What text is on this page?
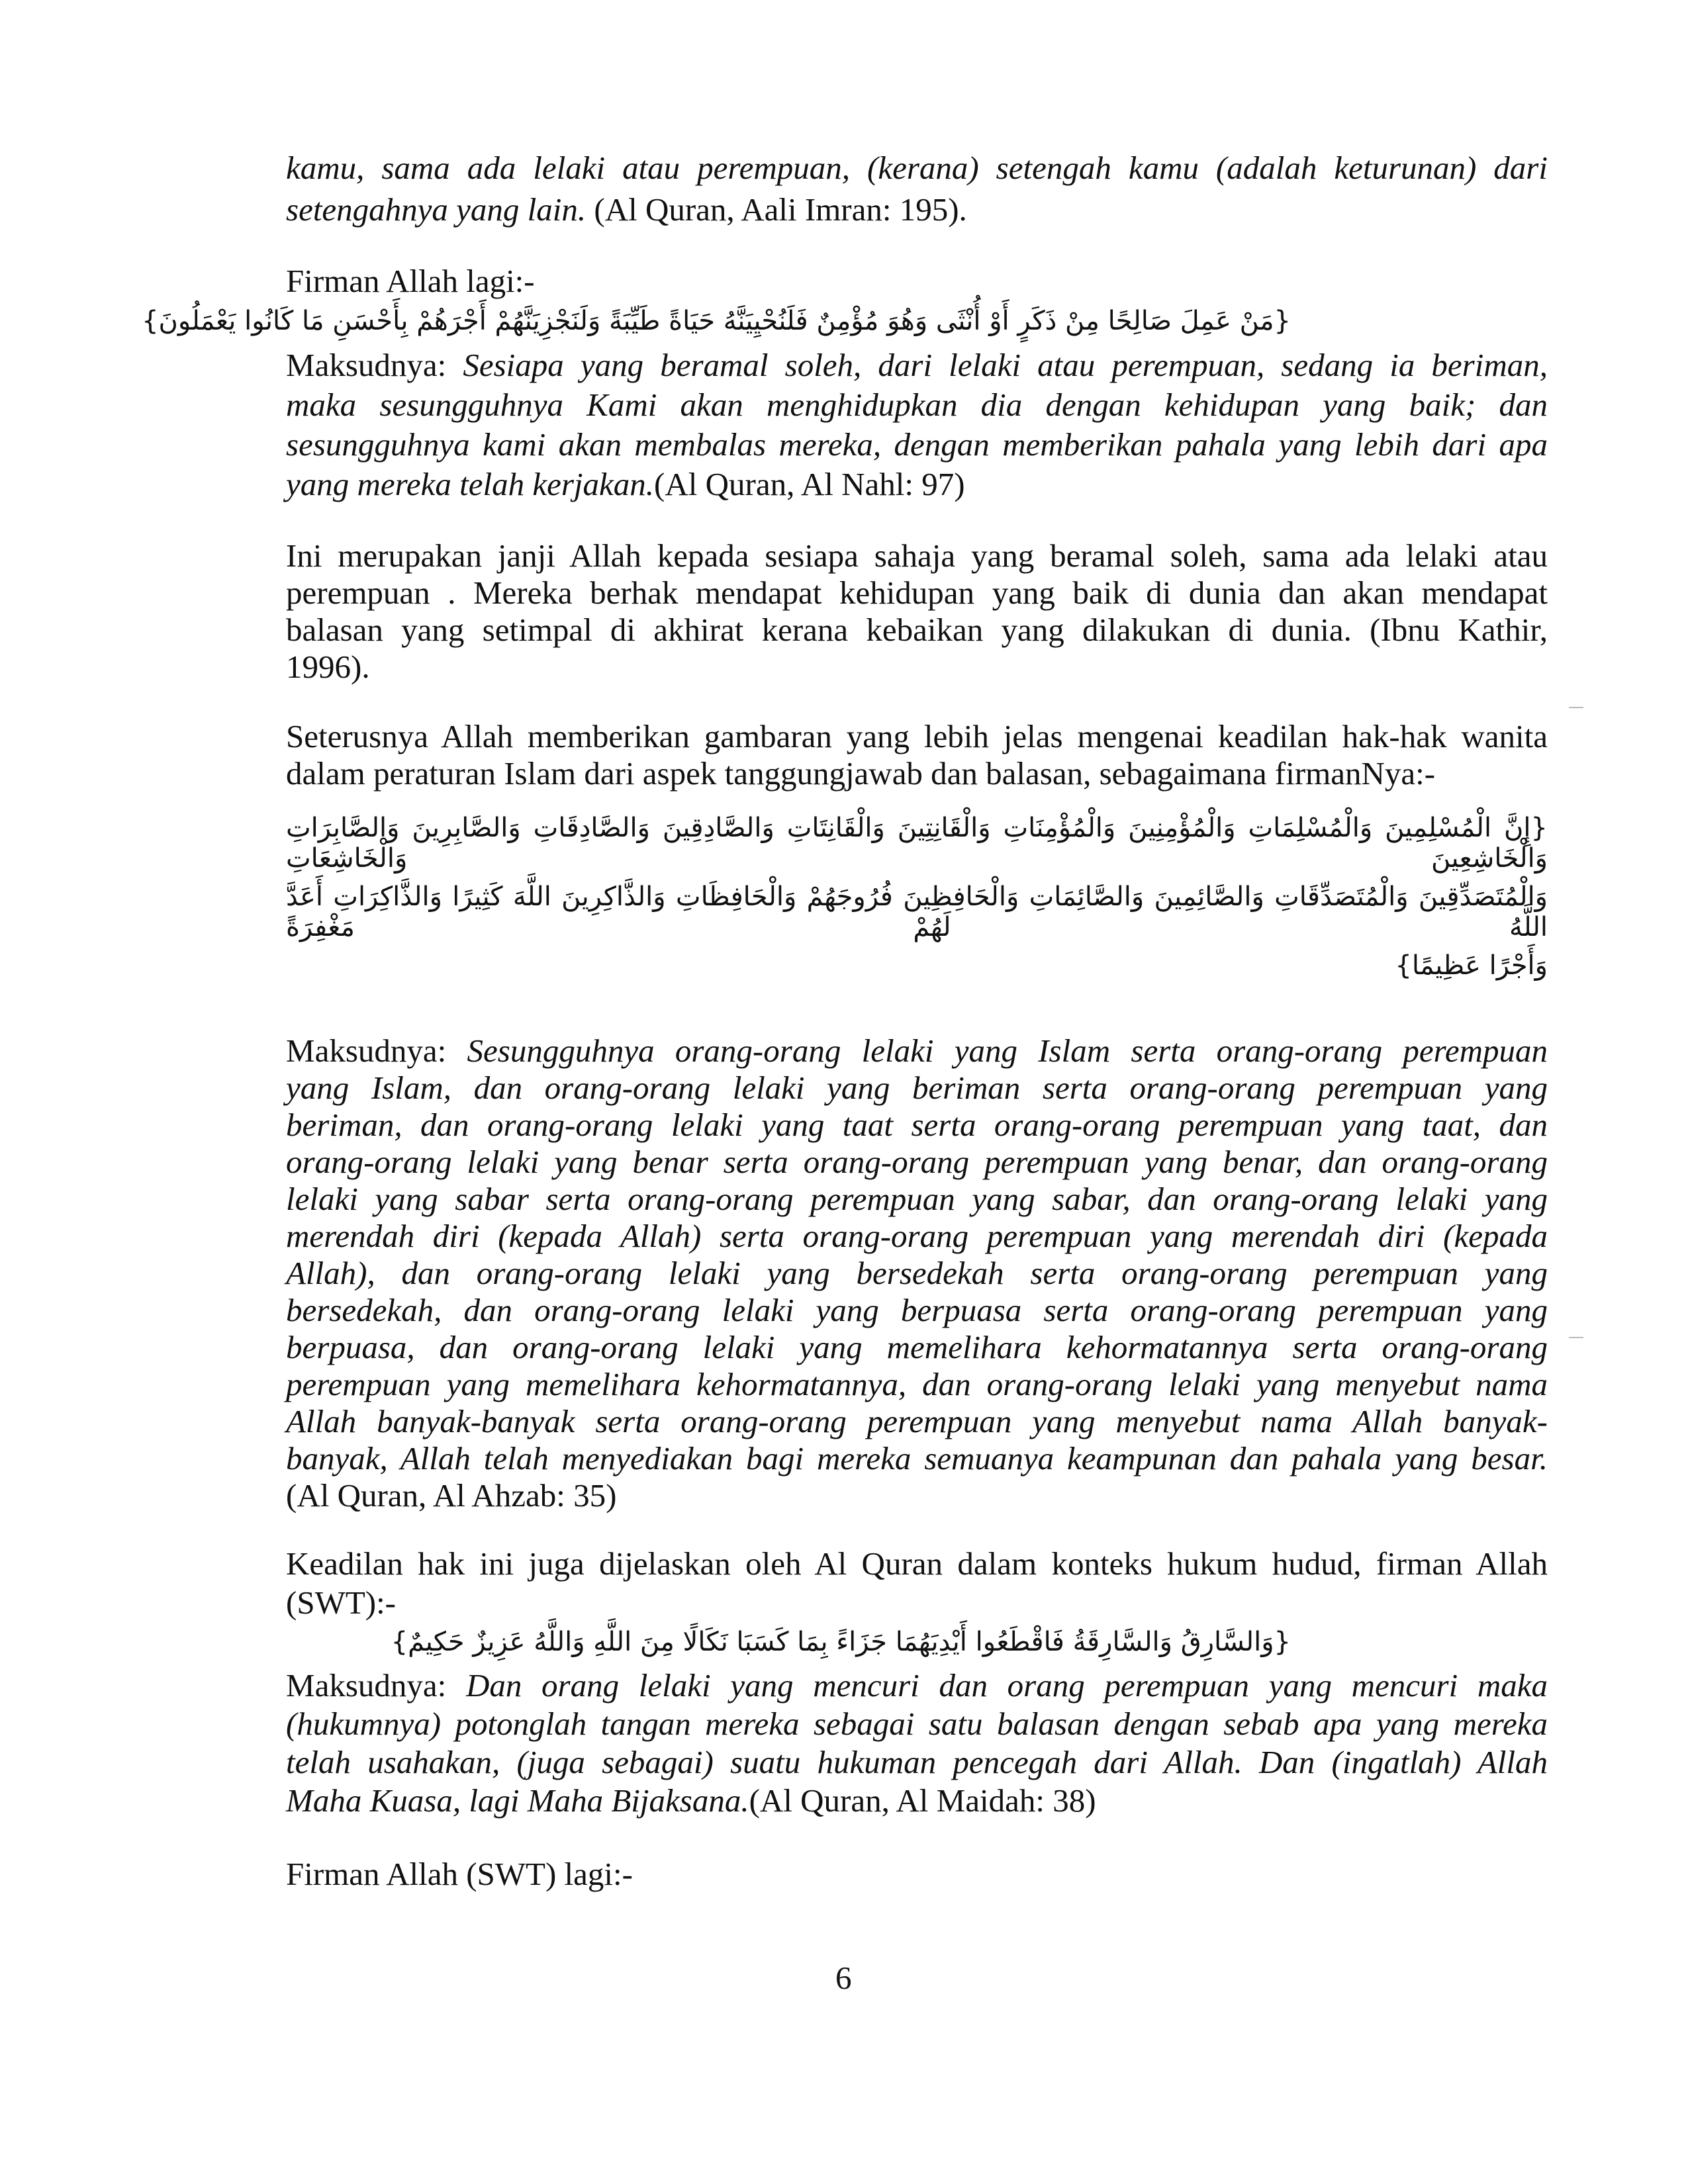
kamu, sama ada lelaki atau perempuan, (kerana) setengah kamu (adalah keturunan) dari
setengahnya yang lain. (Al Quran, Aali Imran: 195).
Firman Allah lagi:-
{مَنْ عَمِلَ صَالِحًا مِنْ ذَكَرٍ أَوْ أُنْثَى وَهُوَ مُؤْمِنٌ فَلَنُحْيِيَنَّهُ حَيَاةً طَيِّبَةً وَلَنَجْزِيَنَّهُمْ أَجْرَهُمْ بِأَحْسَنِ مَا كَانُوا يَعْمَلُونَ}
Maksudnya: Sesiapa yang beramal soleh, dari lelaki atau perempuan, sedang ia beriman,
maka sesungguhnya Kami akan menghidupkan dia dengan kehidupan yang baik; dan
sesungguhnya kami akan membalas mereka, dengan memberikan pahala yang lebih dari apa
yang mereka telah kerjakan.(Al Quran, Al Nahl: 97)
Ini merupakan janji Allah kepada sesiapa sahaja yang beramal soleh, sama ada lelaki atau
perempuan . Mereka berhak mendapat kehidupan yang baik di dunia dan akan mendapat
balasan yang setimpal di akhirat kerana kebaikan yang dilakukan di dunia. (Ibnu Kathir,
1996).
Seterusnya Allah memberikan gambaran yang lebih jelas mengenai keadilan hak-hak wanita
dalam peraturan Islam dari aspek tanggungjawab dan balasan, sebagaimana firmanNya:-
{إِنَّ الْمُسْلِمِينَ وَالْمُسْلِمَاتِ وَالْمُؤْمِنِينَ وَالْمُؤْمِنَاتِ وَالْقَانِتِينَ وَالْقَانِتَاتِ وَالصَّادِقِينَ وَالصَّادِقَاتِ وَالصَّابِرِينَ وَالصَّابِرَاتِ وَالْخَاشِعِينَ وَالْخَاشِعَاتِ
وَالْمُتَصَدِّقِينَ وَالْمُتَصَدِّقَاتِ وَالصَّائِمِينَ وَالصَّائِمَاتِ وَالْحَافِظِينَ فُرُوجَهُمْ وَالْحَافِظَاتِ وَالذَّاكِرِينَ اللَّهَ كَثِيرًا وَالذَّاكِرَاتِ أَعَدَّ اللَّهُ لَهُمْ مَغْفِرَةً
وَأَجْرًا عَظِيمًا}
Maksudnya: Sesungguhnya orang-orang lelaki yang Islam serta orang-orang perempuan
yang Islam, dan orang-orang lelaki yang beriman serta orang-orang perempuan yang
beriman, dan orang-orang lelaki yang taat serta orang-orang perempuan yang taat, dan
orang-orang lelaki yang benar serta orang-orang perempuan yang benar, dan orang-orang
lelaki yang sabar serta orang-orang perempuan yang sabar, dan orang-orang lelaki yang
merendah diri (kepada Allah) serta orang-orang perempuan yang merendah diri (kepada
Allah), dan orang-orang lelaki yang bersedekah serta orang-orang perempuan yang
bersedekah, dan orang-orang lelaki yang berpuasa serta orang-orang perempuan yang
berpuasa, dan orang-orang lelaki yang memelihara kehormatannya serta orang-orang
perempuan yang memelihara kehormatannya, dan orang-orang lelaki yang menyebut nama
Allah banyak-banyak serta orang-orang perempuan yang menyebut nama Allah banyak-
banyak, Allah telah menyediakan bagi mereka semuanya keampunan dan pahala yang besar.
(Al Quran, Al Ahzab: 35)
Keadilan hak ini juga dijelaskan oleh Al Quran dalam konteks hukum hudud, firman Allah
(SWT):-
{وَالسَّارِقُ وَالسَّارِقَةُ فَاقْطَعُوا أَيْدِيَهُمَا جَزَاءً بِمَا كَسَبَا نَكَالًا مِنَ اللَّهِ وَاللَّهُ عَزِيزٌ حَكِيمٌ}
Maksudnya: Dan orang lelaki yang mencuri dan orang perempuan yang mencuri maka
(hukumnya) potonglah tangan mereka sebagai satu balasan dengan sebab apa yang mereka
telah usahakan, (juga sebagai) suatu hukuman pencegah dari Allah. Dan (ingatlah) Allah
Maha Kuasa, lagi Maha Bijaksana.(Al Quran, Al Maidah: 38)
Firman Allah (SWT) lagi:-
6
